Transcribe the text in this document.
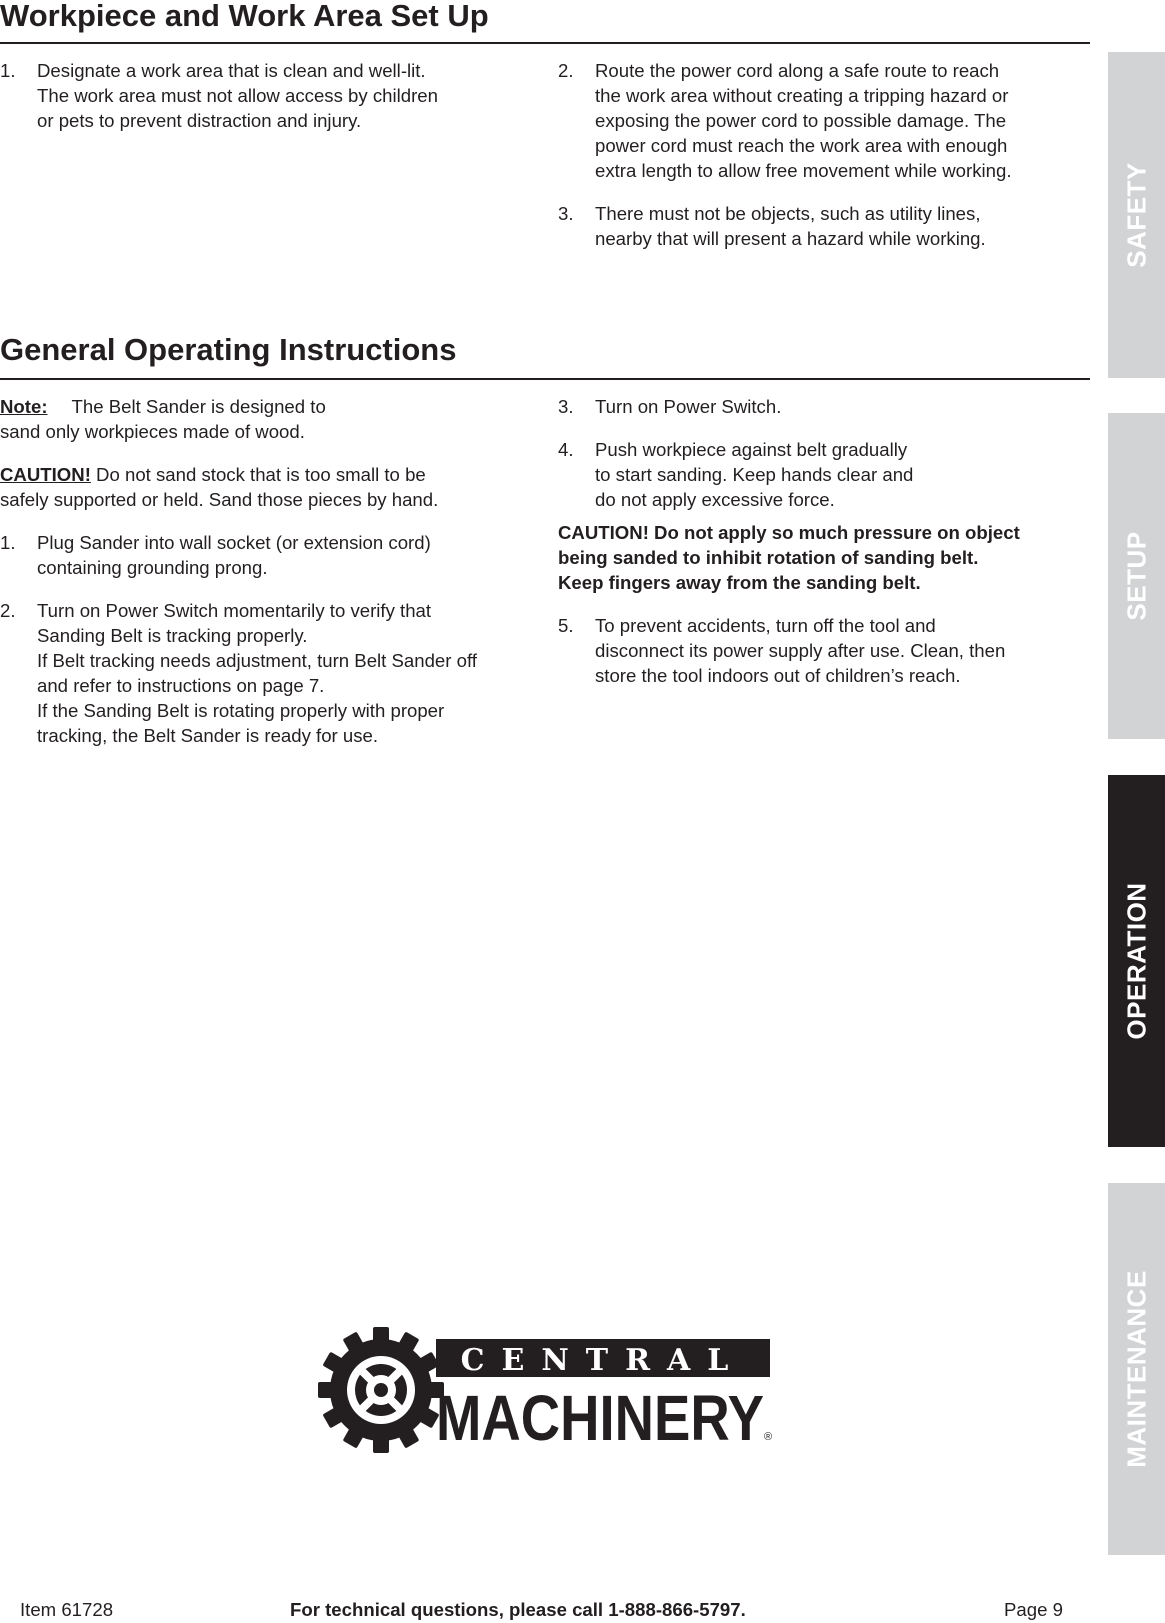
Workpiece and Work Area Set Up
1. Designate a work area that is clean and well-lit.
The work area must not allow access by children
or pets to prevent distraction and injury.
2. Route the power cord along a safe route to reach
the work area without creating a tripping hazard or
exposing the power cord to possible damage. The
power cord must reach the work area with enough
extra length to allow free movement while working.
3. There must not be objects, such as utility lines,
nearby that will present a hazard while working.
General Operating Instructions
Note: The Belt Sander is designed to
sand only workpieces made of wood.
CAUTION! Do not sand stock that is too small to be
safely supported or held. Sand those pieces by hand.
1. Plug Sander into wall socket (or extension cord)
containing grounding prong.
2. Turn on Power Switch momentarily to verify that
Sanding Belt is tracking properly.
If Belt tracking needs adjustment, turn Belt Sander off
and refer to instructions on page 7.
If the Sanding Belt is rotating properly with proper
tracking, the Belt Sander is ready for use.
3. Turn on Power Switch.
4. Push workpiece against belt gradually
to start sanding. Keep hands clear and
do not apply excessive force.
CAUTION! Do not apply so much pressure on object
being sanded to inhibit rotation of sanding belt.
Keep fingers away from the sanding belt.
5. To prevent accidents, turn off the tool and
disconnect its power supply after use. Clean, then
store the tool indoors out of children’s reach.
SAFETY
SETUP
OPERATION
MAINTENANCE
CENTRAL
MACHINERY ®
Item 61728	For technical questions, please call 1-888-866-5797.	Page 9
